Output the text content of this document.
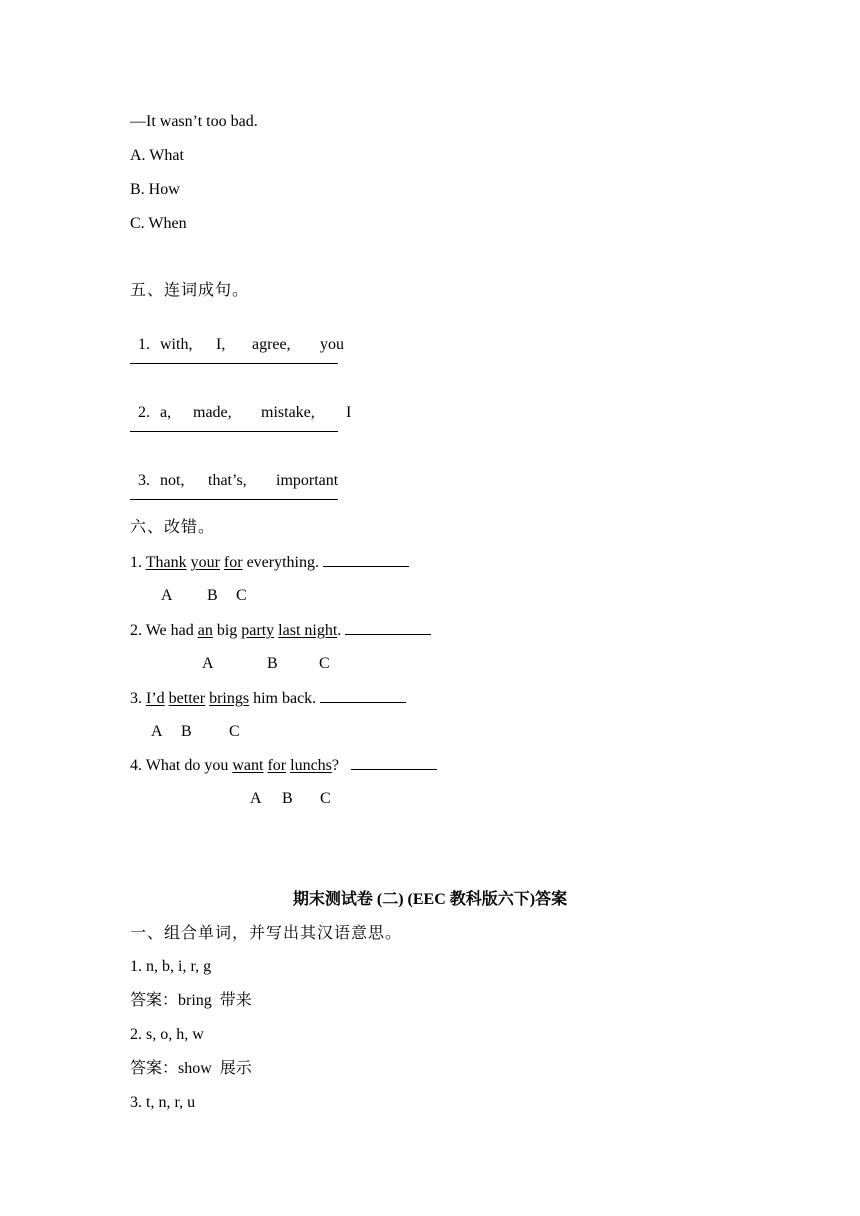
—It wasn’t too bad.
A. What
B. How
C. When
五、连词成句。

1. with, I, agree, you

2. a, made, mistake, I

3. not, that’s, important

六、改错。
1. Thank your for everything.
A B C
2. We had an big party last night.
A	B	C
3. I’d better brings him back.
A B C
4. What do you want for lunchs?
A B C
期末测试卷 (二) (EEC 教科版六下)答案
一、组合单词，并写出其汉语意思。
1. n, b, i, r, g
答案：bring  带来
2. s, o, h, w
答案：show  展示
3. t, n, r, u
